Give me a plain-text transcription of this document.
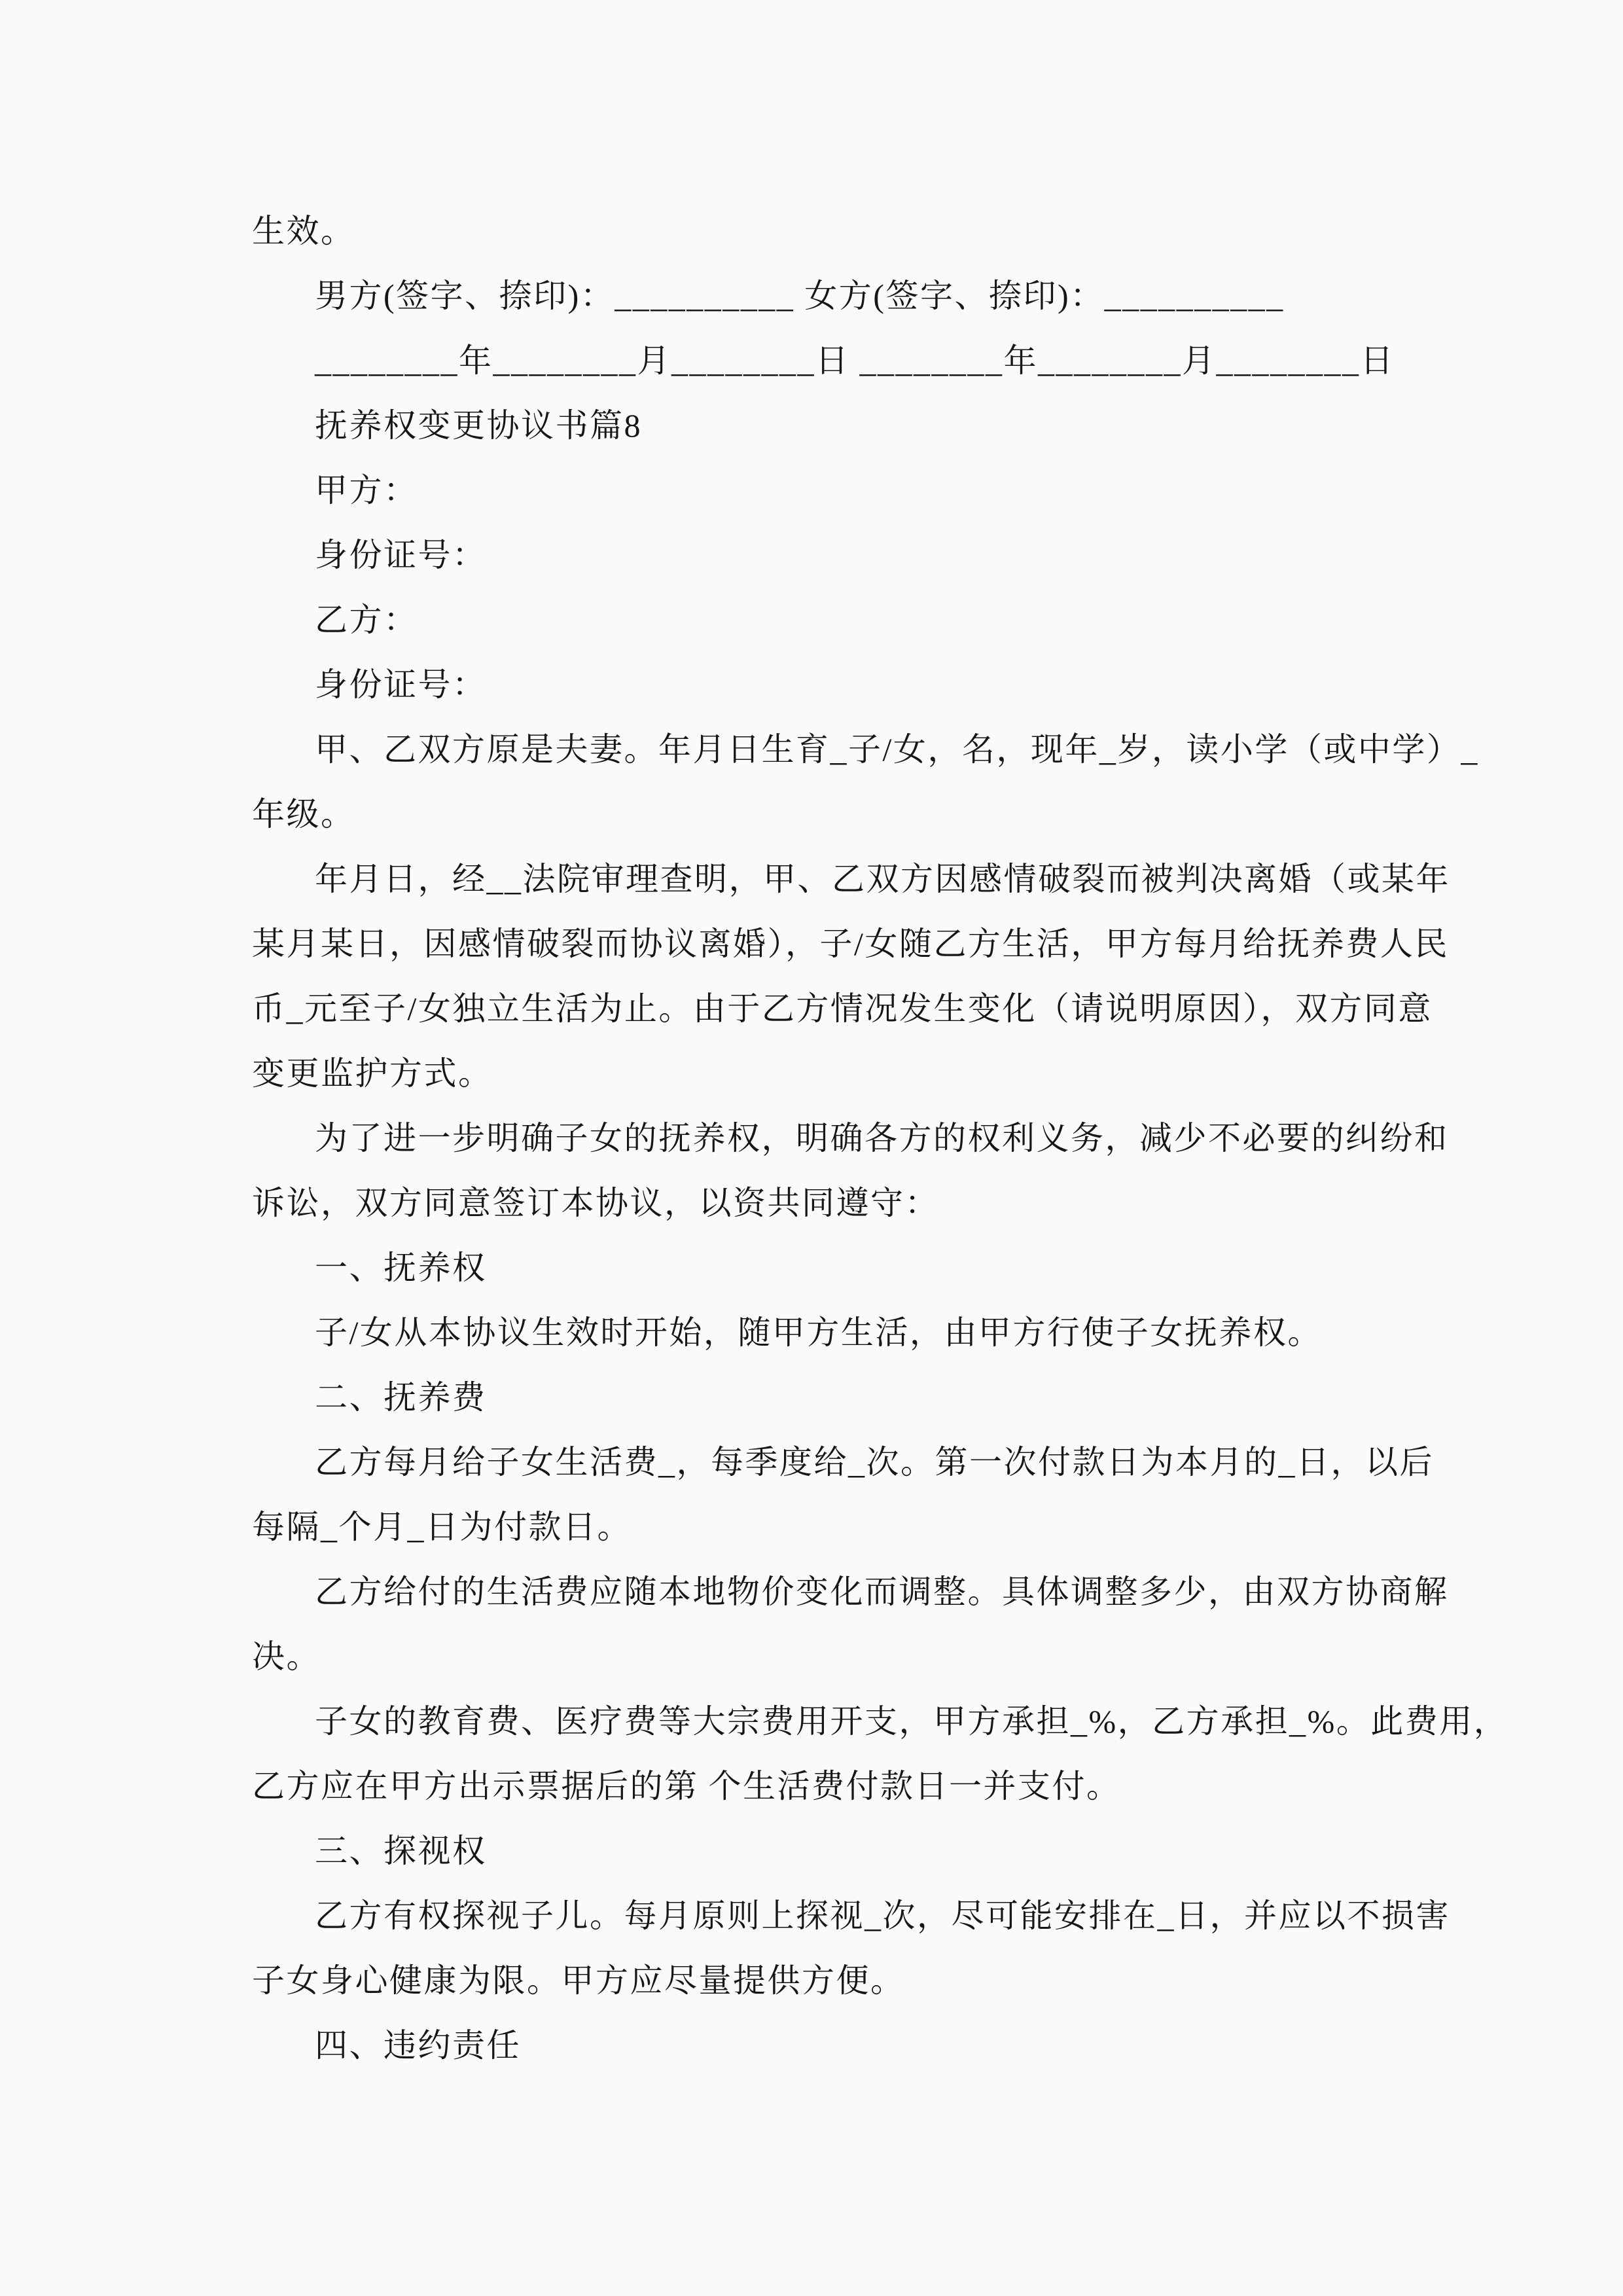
生效。
男方(签字、捺印)：__________ 女方(签字、捺印)：__________
________年________月________日 ________年________月________日
抚养权变更协议书篇8
甲方：
身份证号：
乙方：
身份证号：
甲、乙双方原是夫妻。年月日生育_子/女，名，现年_岁，读小学（或中学）_
年级。
年月日，经__法院审理查明，甲、乙双方因感情破裂而被判决离婚（或某年
某月某日，因感情破裂而协议离婚），子/女随乙方生活，甲方每月给抚养费人民
币_元至子/女独立生活为止。由于乙方情况发生变化（请说明原因），双方同意
变更监护方式。
为了进一步明确子女的抚养权，明确各方的权利义务，减少不必要的纠纷和
诉讼，双方同意签订本协议，以资共同遵守：
一、抚养权
子/女从本协议生效时开始，随甲方生活，由甲方行使子女抚养权。
二、抚养费
乙方每月给子女生活费_，每季度给_次。第一次付款日为本月的_日，以后
每隔_个月_日为付款日。
乙方给付的生活费应随本地物价变化而调整。具体调整多少，由双方协商解
决。
子女的教育费、医疗费等大宗费用开支，甲方承担_%，乙方承担_%。此费用，
乙方应在甲方出示票据后的第 个生活费付款日一并支付。
三、探视权
乙方有权探视子儿。每月原则上探视_次，尽可能安排在_日，并应以不损害
子女身心健康为限。甲方应尽量提供方便。
四、违约责任
